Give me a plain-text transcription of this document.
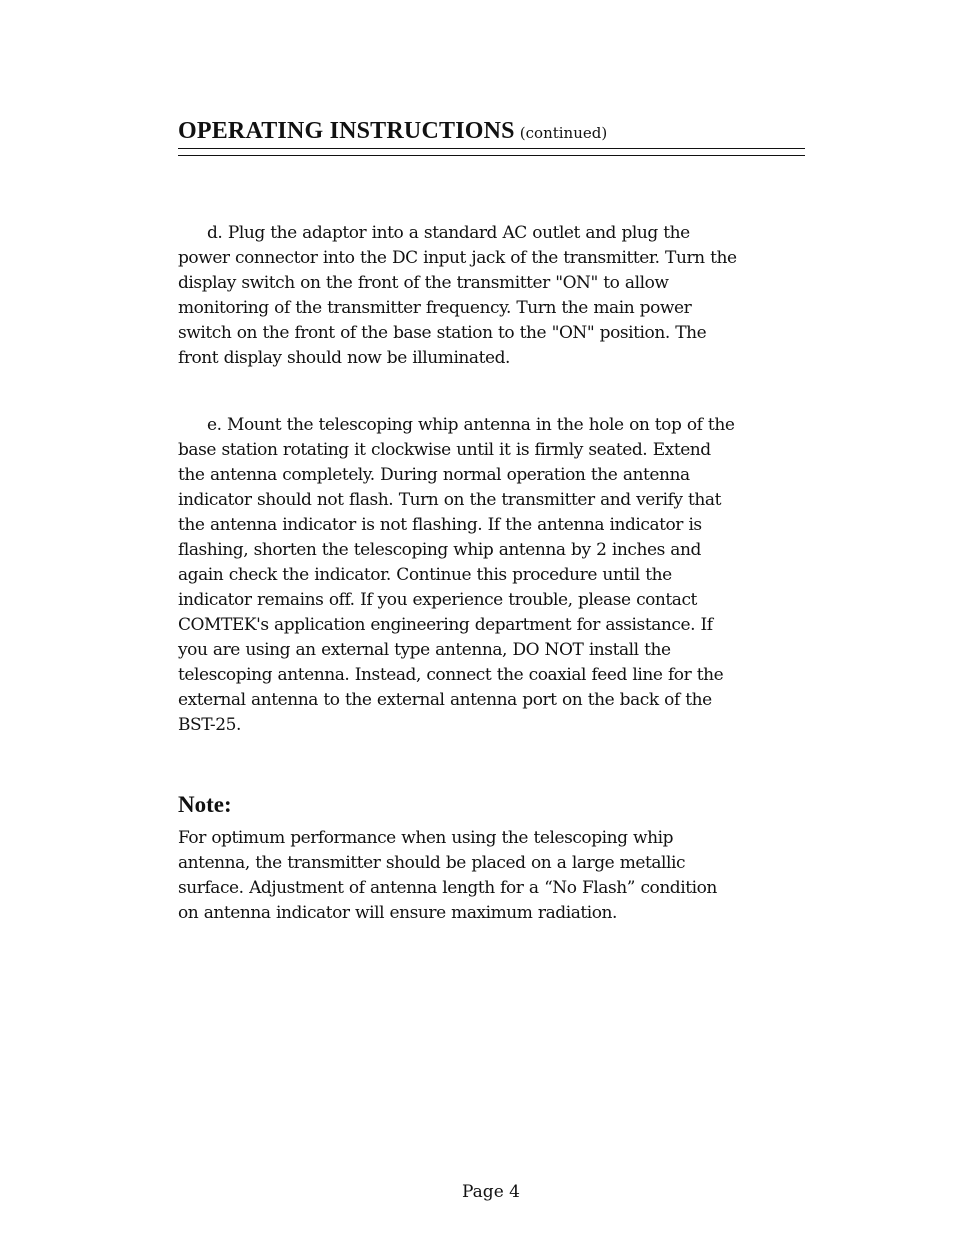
OPERATING INSTRUCTIONS (continued)

d. Plug the adaptor into a standard AC outlet and plug the power connector into the DC input jack of the transmitter. Turn the display switch on the front of the transmitter "ON" to allow monitoring of the transmitter frequency. Turn the main power switch on the front of the base station to the "ON" position. The front display should now be illuminated.

e. Mount the telescoping whip antenna in the hole on top of the base station rotating it clockwise until it is firmly seated. Extend the antenna completely. During normal operation the antenna indicator should not flash. Turn on the transmitter and verify that the antenna indicator is not flashing. If the antenna indicator is flashing, shorten the telescoping whip antenna by 2 inches and again check the indicator. Continue this procedure until the indicator remains off. If you experience trouble, please contact COMTEK's application engineering department for assistance. If you are using an external type antenna, DO NOT install the telescoping antenna. Instead, connect the coaxial feed line for the external antenna to the external antenna port on the back of the BST-25.

Note:

For optimum performance when using the telescoping whip antenna, the transmitter should be placed on a large metallic surface. Adjustment of antenna length for a “No Flash” condition on antenna indicator will ensure maximum radiation.

Page 4
